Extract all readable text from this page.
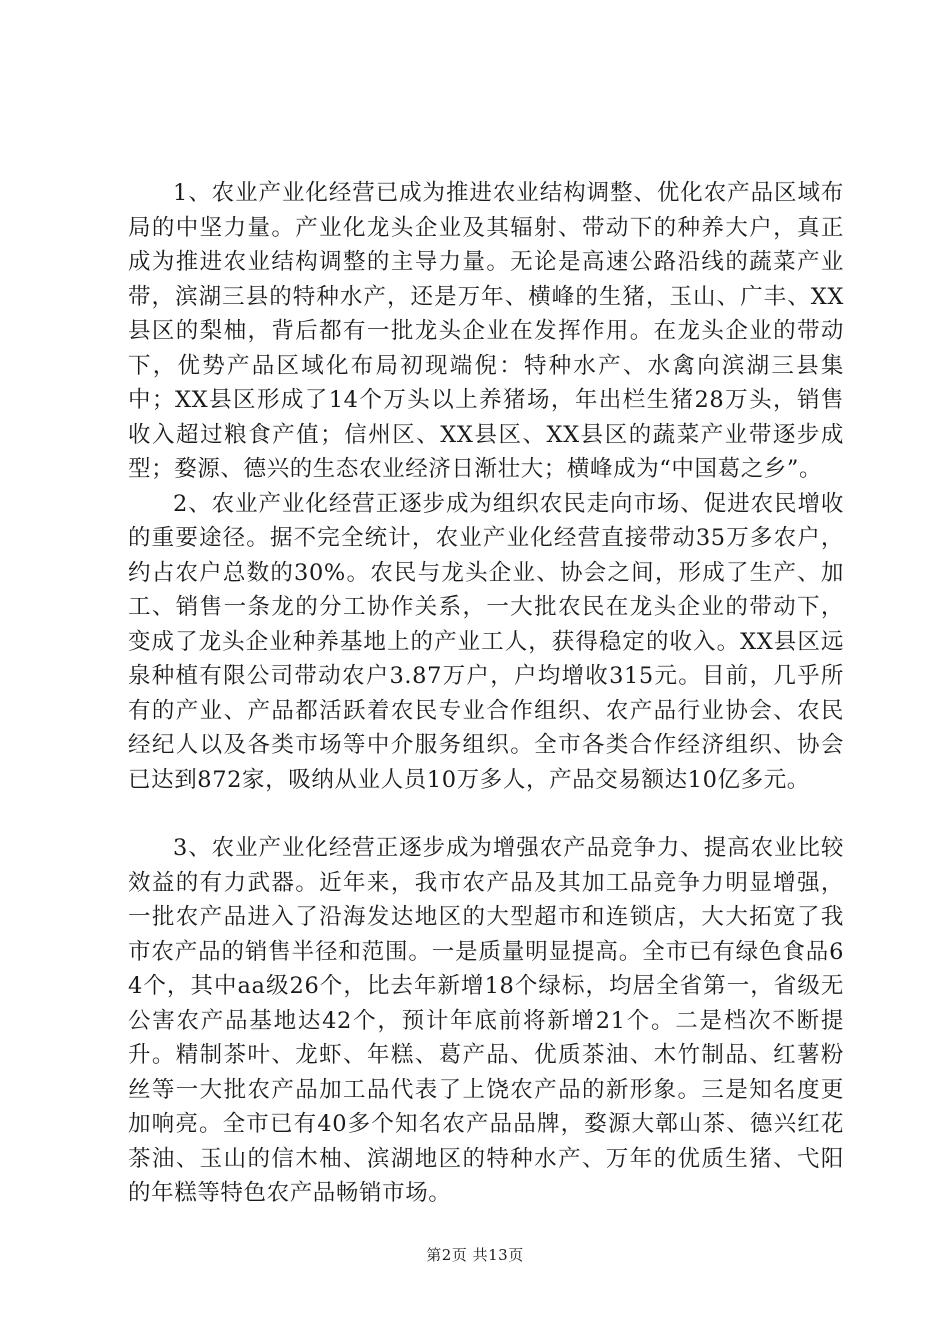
1、农业产业化经营已成为推进农业结构调整、优化农产品区域布局的中坚力量。产业化龙头企业及其辐射、带动下的种养大户，真正成为推进农业结构调整的主导力量。无论是高速公路沿线的蔬菜产业带，滨湖三县的特种水产，还是万年、横峰的生猪，玉山、广丰、XX县区的梨柚，背后都有一批龙头企业在发挥作用。在龙头企业的带动下，优势产品区域化布局初现端倪：特种水产、水禽向滨湖三县集中；XX县区形成了14个万头以上养猪场，年出栏生猪28万头，销售收入超过粮食产值；信州区、XX县区、XX县区的蔬菜产业带逐步成型；婺源、德兴的生态农业经济日渐壮大；横峰成为“中国葛之乡”。

2、农业产业化经营正逐步成为组织农民走向市场、促进农民增收的重要途径。据不完全统计，农业产业化经营直接带动35万多农户，约占农户总数的30%。农民与龙头企业、协会之间，形成了生产、加工、销售一条龙的分工协作关系，一大批农民在龙头企业的带动下，变成了龙头企业种养基地上的产业工人，获得稳定的收入。XX县区远泉种植有限公司带动农户3.87万户，户均增收315元。目前，几乎所有的产业、产品都活跃着农民专业合作组织、农产品行业协会、农民经纪人以及各类市场等中介服务组织。全市各类合作经济组织、协会已达到872家，吸纳从业人员10万多人，产品交易额达10亿多元。

3、农业产业化经营正逐步成为增强农产品竞争力、提高农业比较效益的有力武器。近年来，我市农产品及其加工品竞争力明显增强，一批农产品进入了沿海发达地区的大型超市和连锁店，大大拓宽了我市农产品的销售半径和范围。一是质量明显提高。全市已有绿色食品64个，其中aa级26个，比去年新增18个绿标，均居全省第一，省级无公害农产品基地达42个，预计年底前将新增21个。二是档次不断提升。精制茶叶、龙虾、年糕、葛产品、优质茶油、木竹制品、红薯粉丝等一大批农产品加工品代表了上饶农产品的新形象。三是知名度更加响亮。全市已有40多个知名农产品品牌，婺源大鄣山茶、德兴红花茶油、玉山的信木柚、滨湖地区的特种水产、万年的优质生猪、弋阳的年糕等特色农产品畅销市场。

第2页 共13页
